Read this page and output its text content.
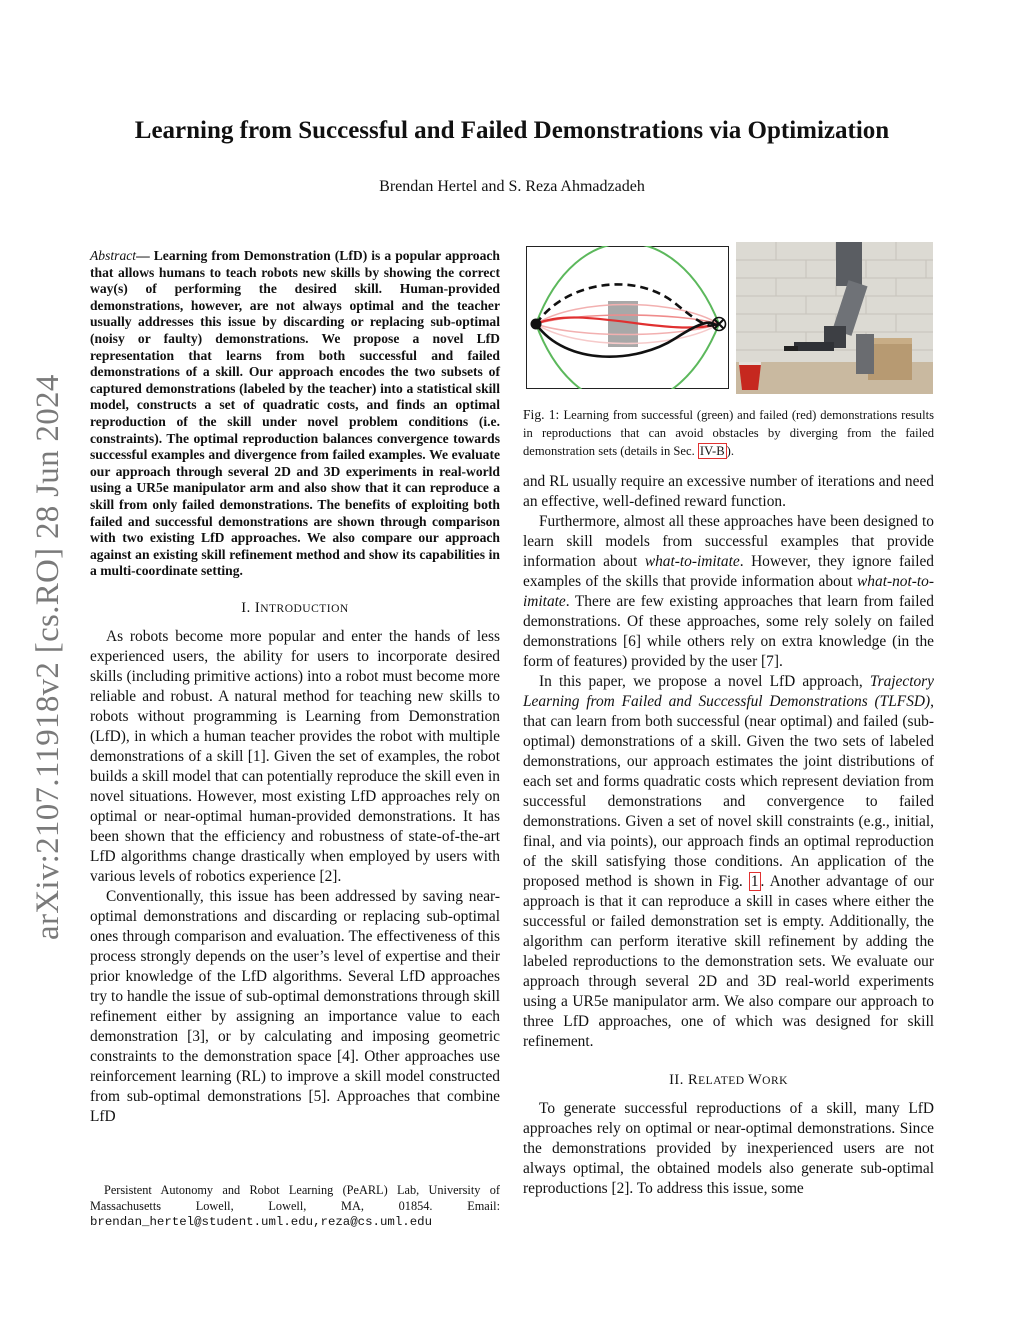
arXiv:2107.11918v2 [cs.RO] 28 Jun 2024
Learning from Successful and Failed Demonstrations via Optimization

Brendan Hertel and S. Reza Ahmadzadeh

Abstract— Learning from Demonstration (LfD) is a popular approach that allows humans to teach robots new skills by showing the correct way(s) of performing the desired skill. Human-provided demonstrations, however, are not always optimal and the teacher usually addresses this issue by discarding or replacing sub-optimal (noisy or faulty) demonstrations. We propose a novel LfD representation that learns from both successful and failed demonstrations of a skill. Our approach encodes the two subsets of captured demonstrations (labeled by the teacher) into a statistical skill model, constructs a set of quadratic costs, and finds an optimal reproduction of the skill under novel problem conditions (i.e. constraints). The optimal reproduction balances convergence towards successful examples and divergence from failed examples. We evaluate our approach through several 2D and 3D experiments in real-world using a UR5e manipulator arm and also show that it can reproduce a skill from only failed demonstrations. The benefits of exploiting both failed and successful demonstrations are shown through comparison with two existing LfD approaches. We also compare our approach against an existing skill refinement method and show its capabilities in a multi-coordinate setting.

I. INTRODUCTION

As robots become more popular and enter the hands of less experienced users, the ability for users to incorporate desired skills (including primitive actions) into a robot must become more reliable and robust. A natural method for teaching new skills to robots without programming is Learning from Demonstration (LfD), in which a human teacher provides the robot with multiple demonstrations of a skill [1]. Given the set of examples, the robot builds a skill model that can potentially reproduce the skill even in novel situations. However, most existing LfD approaches rely on optimal or near-optimal human-provided demonstrations. It has been shown that the efficiency and robustness of state-of-the-art LfD algorithms change drastically when employed by users with various levels of robotics experience [2].

Conventionally, this issue has been addressed by saving near-optimal demonstrations and discarding or replacing sub-optimal ones through comparison and evaluation. The effectiveness of this process strongly depends on the user’s level of expertise and their prior knowledge of the LfD algorithms. Several LfD approaches try to handle the issue of sub-optimal demonstrations through skill refinement either by assigning an importance value to each demonstration [3], or by calculating and imposing geometric constraints to the demonstration space [4]. Other approaches use reinforcement learning (RL) to improve a skill model constructed from sub-optimal demonstrations [5]. Approaches that combine LfD

Persistent Autonomy and Robot Learning (PeARL) Lab, University of Massachusetts Lowell, Lowell, MA, 01854. Email: brendan_hertel@student.uml.edu,reza@cs.uml.edu

Fig. 1: Learning from successful (green) and failed (red) demonstrations results in reproductions that can avoid obstacles by diverging from the failed demonstration sets (details in Sec. IV-B ).

and RL usually require an excessive number of iterations and need an effective, well-defined reward function.

Furthermore, almost all these approaches have been designed to learn skill models from successful examples that provide information about what-to-imitate. However, they ignore failed examples of the skills that provide information about what-not-to-imitate. There are few existing approaches that learn from failed demonstrations. Of these approaches, some rely solely on failed demonstrations [6] while others rely on extra knowledge (in the form of features) provided by the user [7].

In this paper, we propose a novel LfD approach, Trajectory Learning from Failed and Successful Demonstrations (TLFSD), that can learn from both successful (near optimal) and failed (sub-optimal) demonstrations of a skill. Given the two sets of labeled demonstrations, our approach estimates the joint distributions of each set and forms quadratic costs which represent deviation from successful demonstrations and convergence to failed demonstrations. Given a set of novel skill constraints (e.g., initial, final, and via points), our approach finds an optimal reproduction of the skill satisfying those conditions. An application of the proposed method is shown in Fig. 1 . Another advantage of our approach is that it can reproduce a skill in cases where either the successful or failed demonstration set is empty. Additionally, the algorithm can perform iterative skill refinement by adding the labeled reproductions to the demonstration sets. We evaluate our approach through several 2D and 3D real-world experiments using a UR5e manipulator arm. We also compare our approach to three LfD approaches, one of which was designed for skill refinement.

II. RELATED WORK

To generate successful reproductions of a skill, many LfD approaches rely on optimal or near-optimal demonstrations. Since the demonstrations provided by inexperienced users are not always optimal, the obtained models also generate sub-optimal reproductions [2]. To address this issue, some
